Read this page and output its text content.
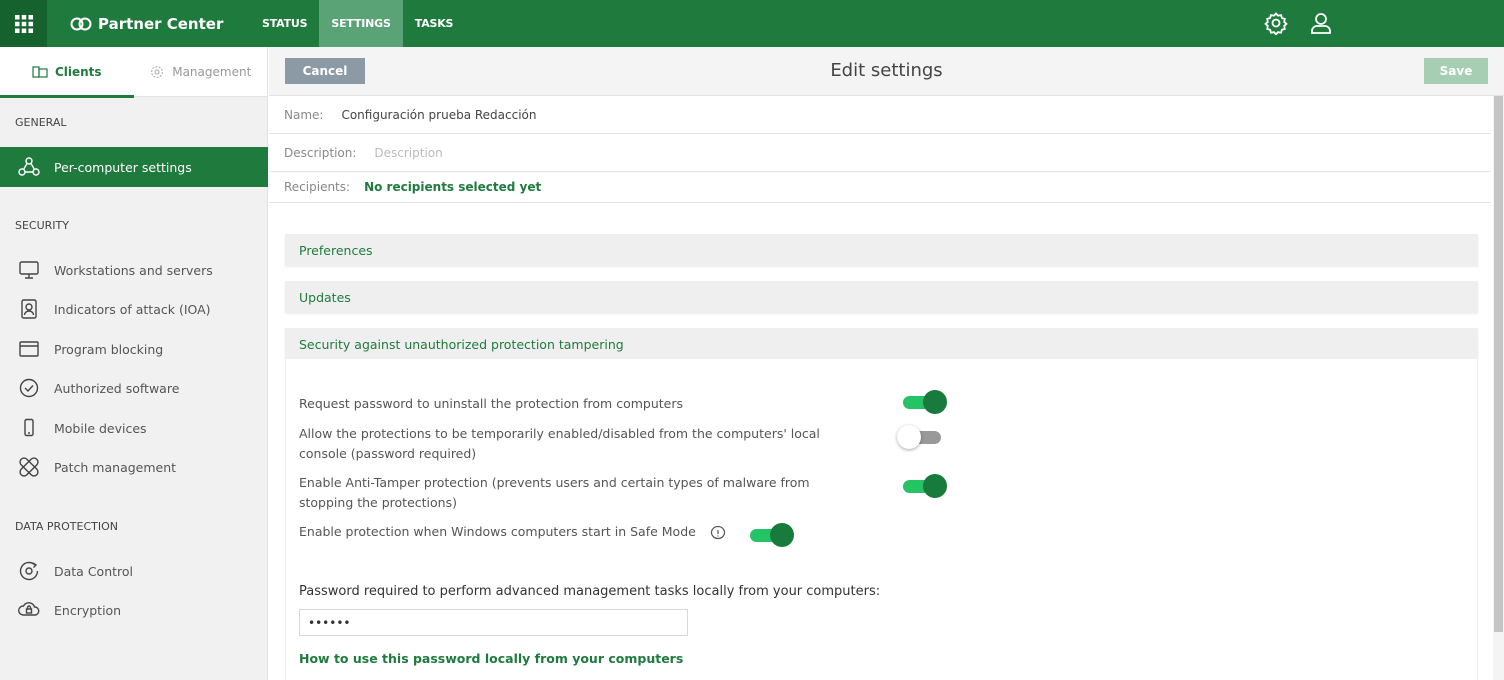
Partner Center	STATUS	SETTINGS	TASKS
Clients	Management
GENERAL
Per-computer settings
SECURITY
Workstations and servers
Indicators of attack (IOA)
Program blocking
Authorized software
Mobile devices
Patch management
DATA PROTECTION
Data Control
Encryption
Edit settings
Cancel	Save
Name: Configuración prueba Redacción
Description:
Description
Recipients: No recipients selected yet
Preferences
Updates
Security against unauthorized protection tampering
Request password to uninstall the protection from computers
Allow the protections to be temporarily enabled/disabled from the computers' local console (password required)
Enable Anti-Tamper protection (prevents users and certain types of malware from stopping the protections)
Enable protection when Windows computers start in Safe Mode
Password required to perform advanced management tasks locally from your computers:
••••••
How to use this password locally from your computers
